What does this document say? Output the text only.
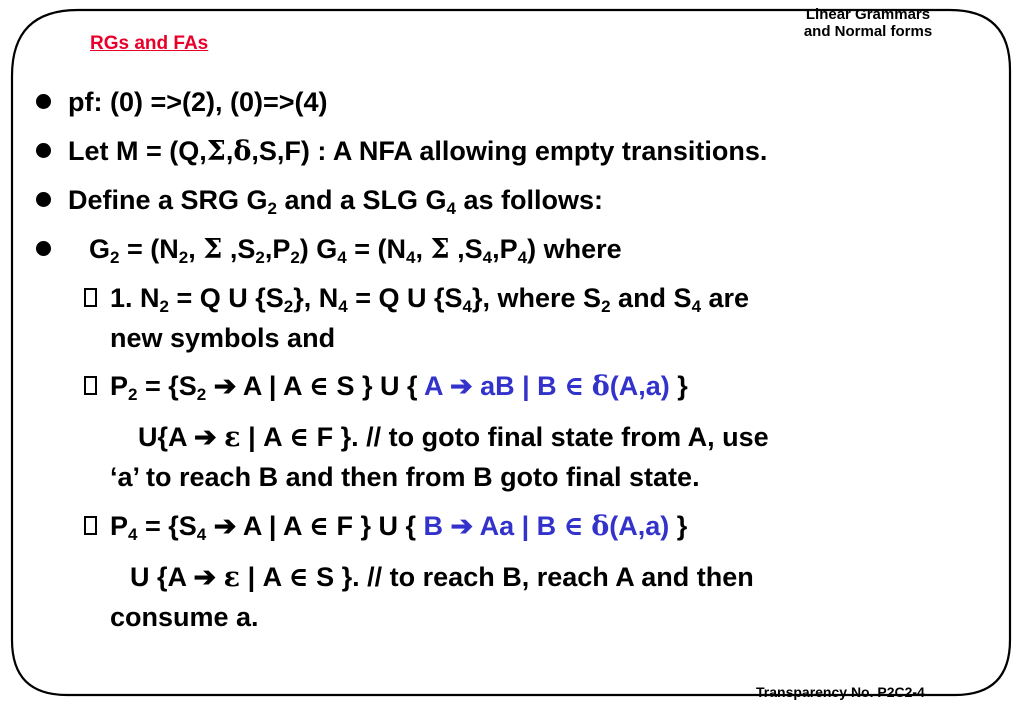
Linear Grammars
and Normal forms
RGs and FAs
pf: (0) =>(2), (0)=>(4)
Let M = (Q,Σ,δ,S,F) : A NFA allowing empty transitions.
Define a SRG $G_2$ and a SLG $G_4$ as follows:
$G_2 = (N_2$, Σ $,S_2,P_2$) $G_4 = (N_4$, Σ $,S_4,P_4$) where
1. $N_2 = Q$ U $\{S_2\}$, $N_4 = Q$ U $\{S_4\}$, where $S_2$ and $S_4$ are
new symbols and
$P_2 = \{S_2$ ➔ A | A ∈ S } U { A ➔ aB | B ∈ δ(A,a) }
U{A ➔ ε | A ∈ F }. // to goto final state from A, use
‘a’ to reach B and then from B goto final state.
$P_4 = \{S_4$ ➔ A | A ∈ F } U { B ➔ Aa | B ∈ δ(A,a) }
U {A ➔ ε | A ∈ S }. // to reach B, reach A and then
consume a.
Transparency No. P2C2-4
